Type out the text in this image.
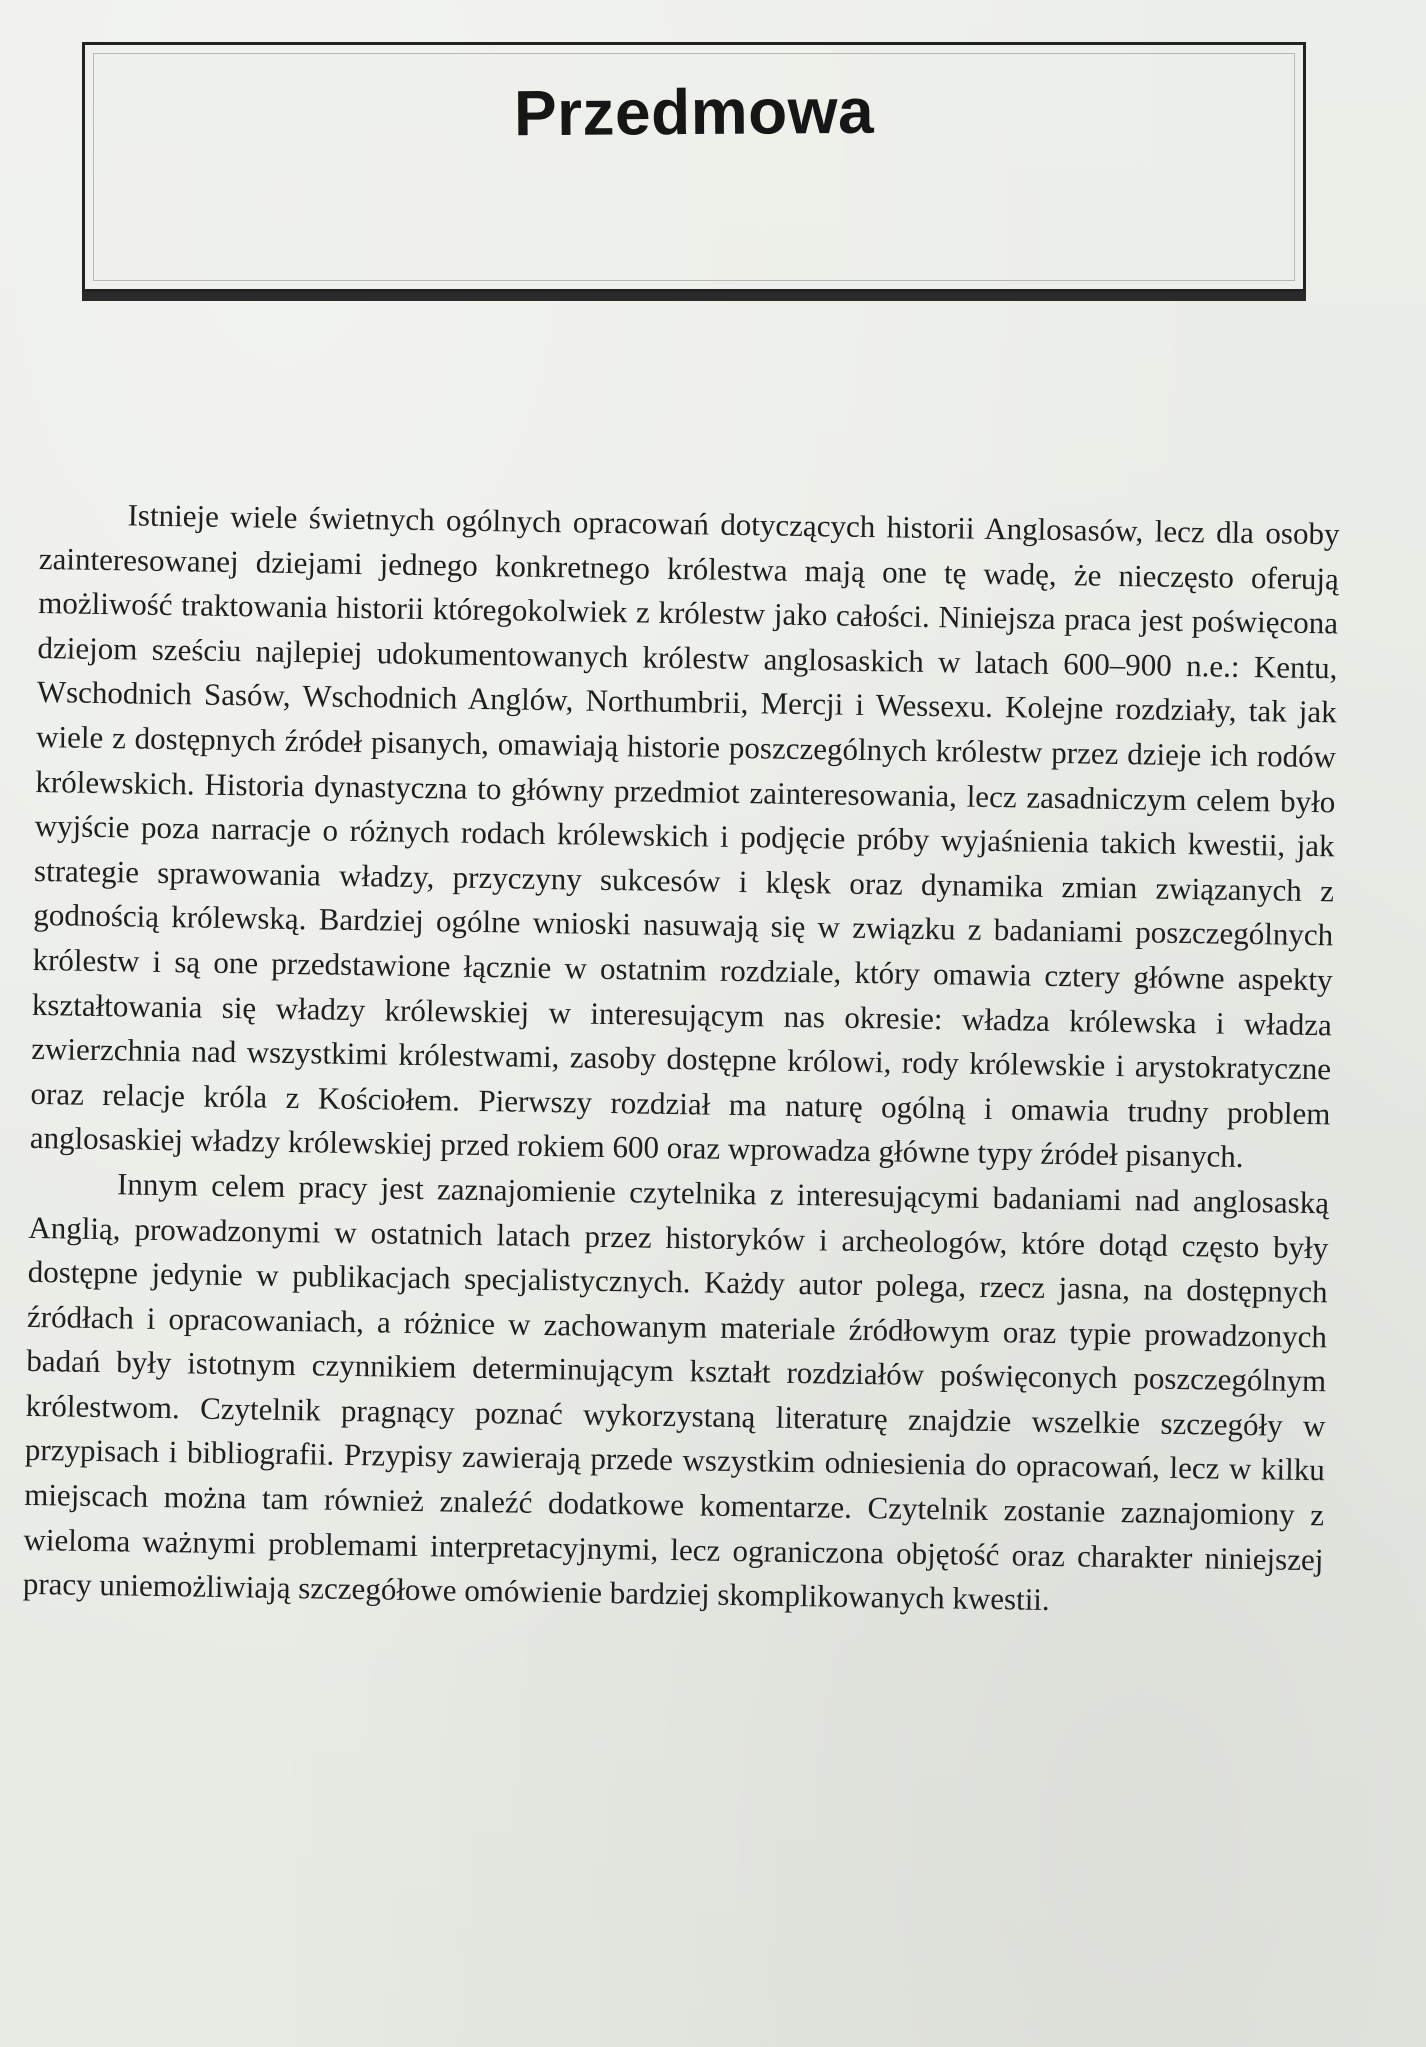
Przedmowa

Istnieje wiele świetnych ogólnych opracowań dotyczących historii Anglosasów, lecz dla osoby zainteresowanej dziejami jednego konkretnego królestwa mają one tę wadę, że nieczęsto oferują możliwość traktowania historii któregokolwiek z królestw jako całości. Niniejsza praca jest poświęcona dziejom sześciu najlepiej udokumentowanych królestw anglosaskich w latach 600–900 n.e.: Kentu, Wschodnich Sasów, Wschodnich Anglów, Northumbrii, Mercji i Wessexu. Kolejne rozdziały, tak jak wiele z dostępnych źródeł pisanych, omawiają historie poszczególnych królestw przez dzieje ich rodów królewskich. Historia dynastyczna to główny przedmiot zainteresowania, lecz zasadniczym celem było wyjście poza narracje o różnych rodach królewskich i podjęcie próby wyjaśnienia takich kwestii, jak strategie sprawowania władzy, przyczyny sukcesów i klęsk oraz dynamika zmian związanych z godnością królewską. Bardziej ogólne wnioski nasuwają się w związku z badaniami poszczególnych królestw i są one przedstawione łącznie w ostatnim rozdziale, który omawia cztery główne aspekty kształtowania się władzy królewskiej w interesującym nas okresie: władza królewska i władza zwierzchnia nad wszystkimi królestwami, zasoby dostępne królowi, rody królewskie i arystokratyczne oraz relacje króla z Kościołem. Pierwszy rozdział ma naturę ogólną i omawia trudny problem anglosaskiej władzy królewskiej przed rokiem 600 oraz wprowadza główne typy źródeł pisanych.

Innym celem pracy jest zaznajomienie czytelnika z interesującymi badaniami nad anglosaską Anglią, prowadzonymi w ostatnich latach przez historyków i archeologów, które dotąd często były dostępne jedynie w publikacjach specjalistycznych. Każdy autor polega, rzecz jasna, na dostępnych źródłach i opracowaniach, a różnice w zachowanym materiale źródłowym oraz typie prowadzonych badań były istotnym czynnikiem determinującym kształt rozdziałów poświęconych poszczególnym królestwom. Czytelnik pragnący poznać wykorzystaną literaturę znajdzie wszelkie szczegóły w przypisach i bibliografii. Przypisy zawierają przede wszystkim odniesienia do opracowań, lecz w kilku miejscach można tam również znaleźć dodatkowe komentarze. Czytelnik zostanie zaznajomiony z wieloma ważnymi problemami interpretacyjnymi, lecz ograniczona objętość oraz charakter niniejszej pracy uniemożliwiają szczegółowe omówienie bardziej skomplikowanych kwestii.
